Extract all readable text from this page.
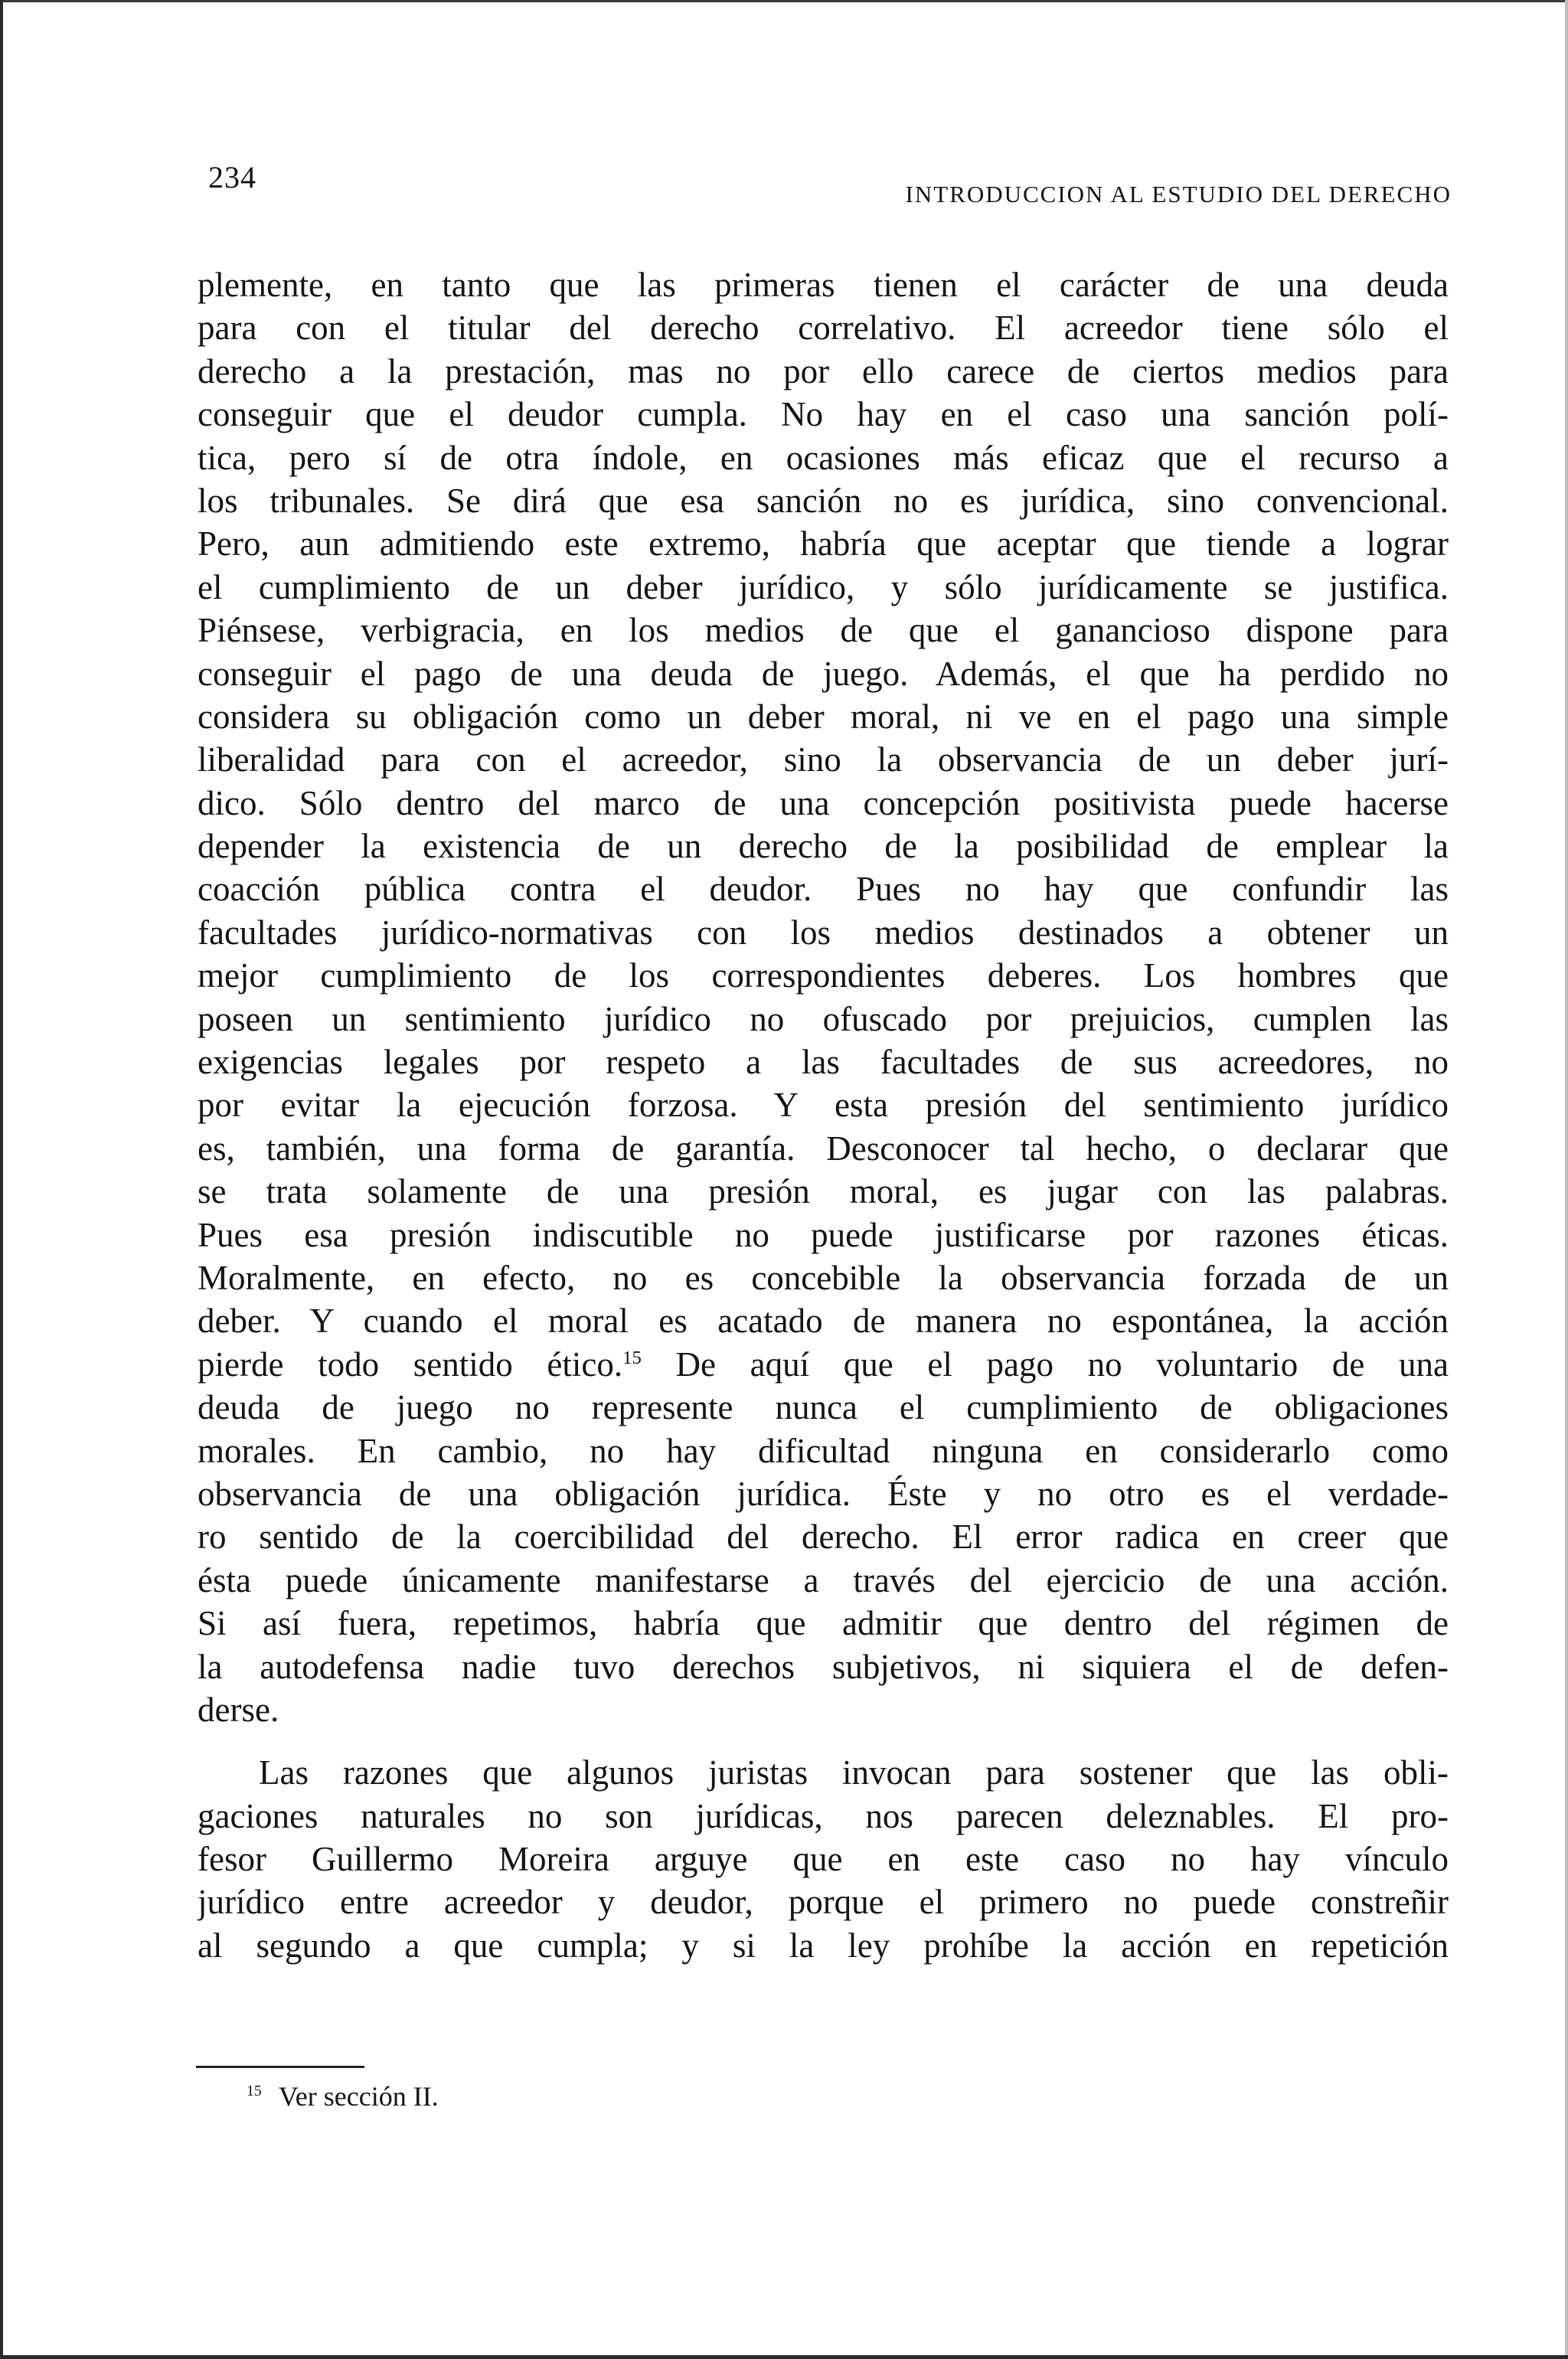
234	INTRODUCCION AL ESTUDIO DEL DERECHO
plemente, en tanto que las primeras tienen el carácter de una deuda
para con el titular del derecho correlativo. El acreedor tiene sólo el
derecho a la prestación, mas no por ello carece de ciertos medios para
conseguir que el deudor cumpla. No hay en el caso una sanción polí-
tica, pero sí de otra índole, en ocasiones más eficaz que el recurso a
los tribunales. Se dirá que esa sanción no es jurídica, sino convencional.
Pero, aun admitiendo este extremo, habría que aceptar que tiende a lograr
el cumplimiento de un deber jurídico, y sólo jurídicamente se justifica.
Piénsese, verbigracia, en los medios de que el ganancioso dispone para
conseguir el pago de una deuda de juego. Además, el que ha perdido no
considera su obligación como un deber moral, ni ve en el pago una simple
liberalidad para con el acreedor, sino la observancia de un deber jurí-
dico. Sólo dentro del marco de una concepción positivista puede hacerse
depender la existencia de un derecho de la posibilidad de emplear la
coacción pública contra el deudor. Pues no hay que confundir las
facultades jurídico-normativas con los medios destinados a obtener un
mejor cumplimiento de los correspondientes deberes. Los hombres que
poseen un sentimiento jurídico no ofuscado por prejuicios, cumplen las
exigencias legales por respeto a las facultades de sus acreedores, no
por evitar la ejecución forzosa. Y esta presión del sentimiento jurídico
es, también, una forma de garantía. Desconocer tal hecho, o declarar que
se trata solamente de una presión moral, es jugar con las palabras.
Pues esa presión indiscutible no puede justificarse por razones éticas.
Moralmente, en efecto, no es concebible la observancia forzada de un
deber. Y cuando el moral es acatado de manera no espontánea, la acción
pierde todo sentido ético.$^{15}$ De aquí que el pago no voluntario de una
deuda de juego no represente nunca el cumplimiento de obligaciones
morales. En cambio, no hay dificultad ninguna en considerarlo como
observancia de una obligación jurídica. Éste y no otro es el verdade-
ro sentido de la coercibilidad del derecho. El error radica en creer que
ésta puede únicamente manifestarse a través del ejercicio de una acción.
Si así fuera, repetimos, habría que admitir que dentro del régimen de
la autodefensa nadie tuvo derechos subjetivos, ni siquiera el de defen-
derse.
Las razones que algunos juristas invocan para sostener que las obli-
gaciones naturales no son jurídicas, nos parecen deleznables. El pro-
fesor Guillermo Moreira arguye que en este caso no hay vínculo
jurídico entre acreedor y deudor, porque el primero no puede constreñir
al segundo a que cumpla; y si la ley prohíbe la acción en repetición
$^{15}$ Ver sección II.
